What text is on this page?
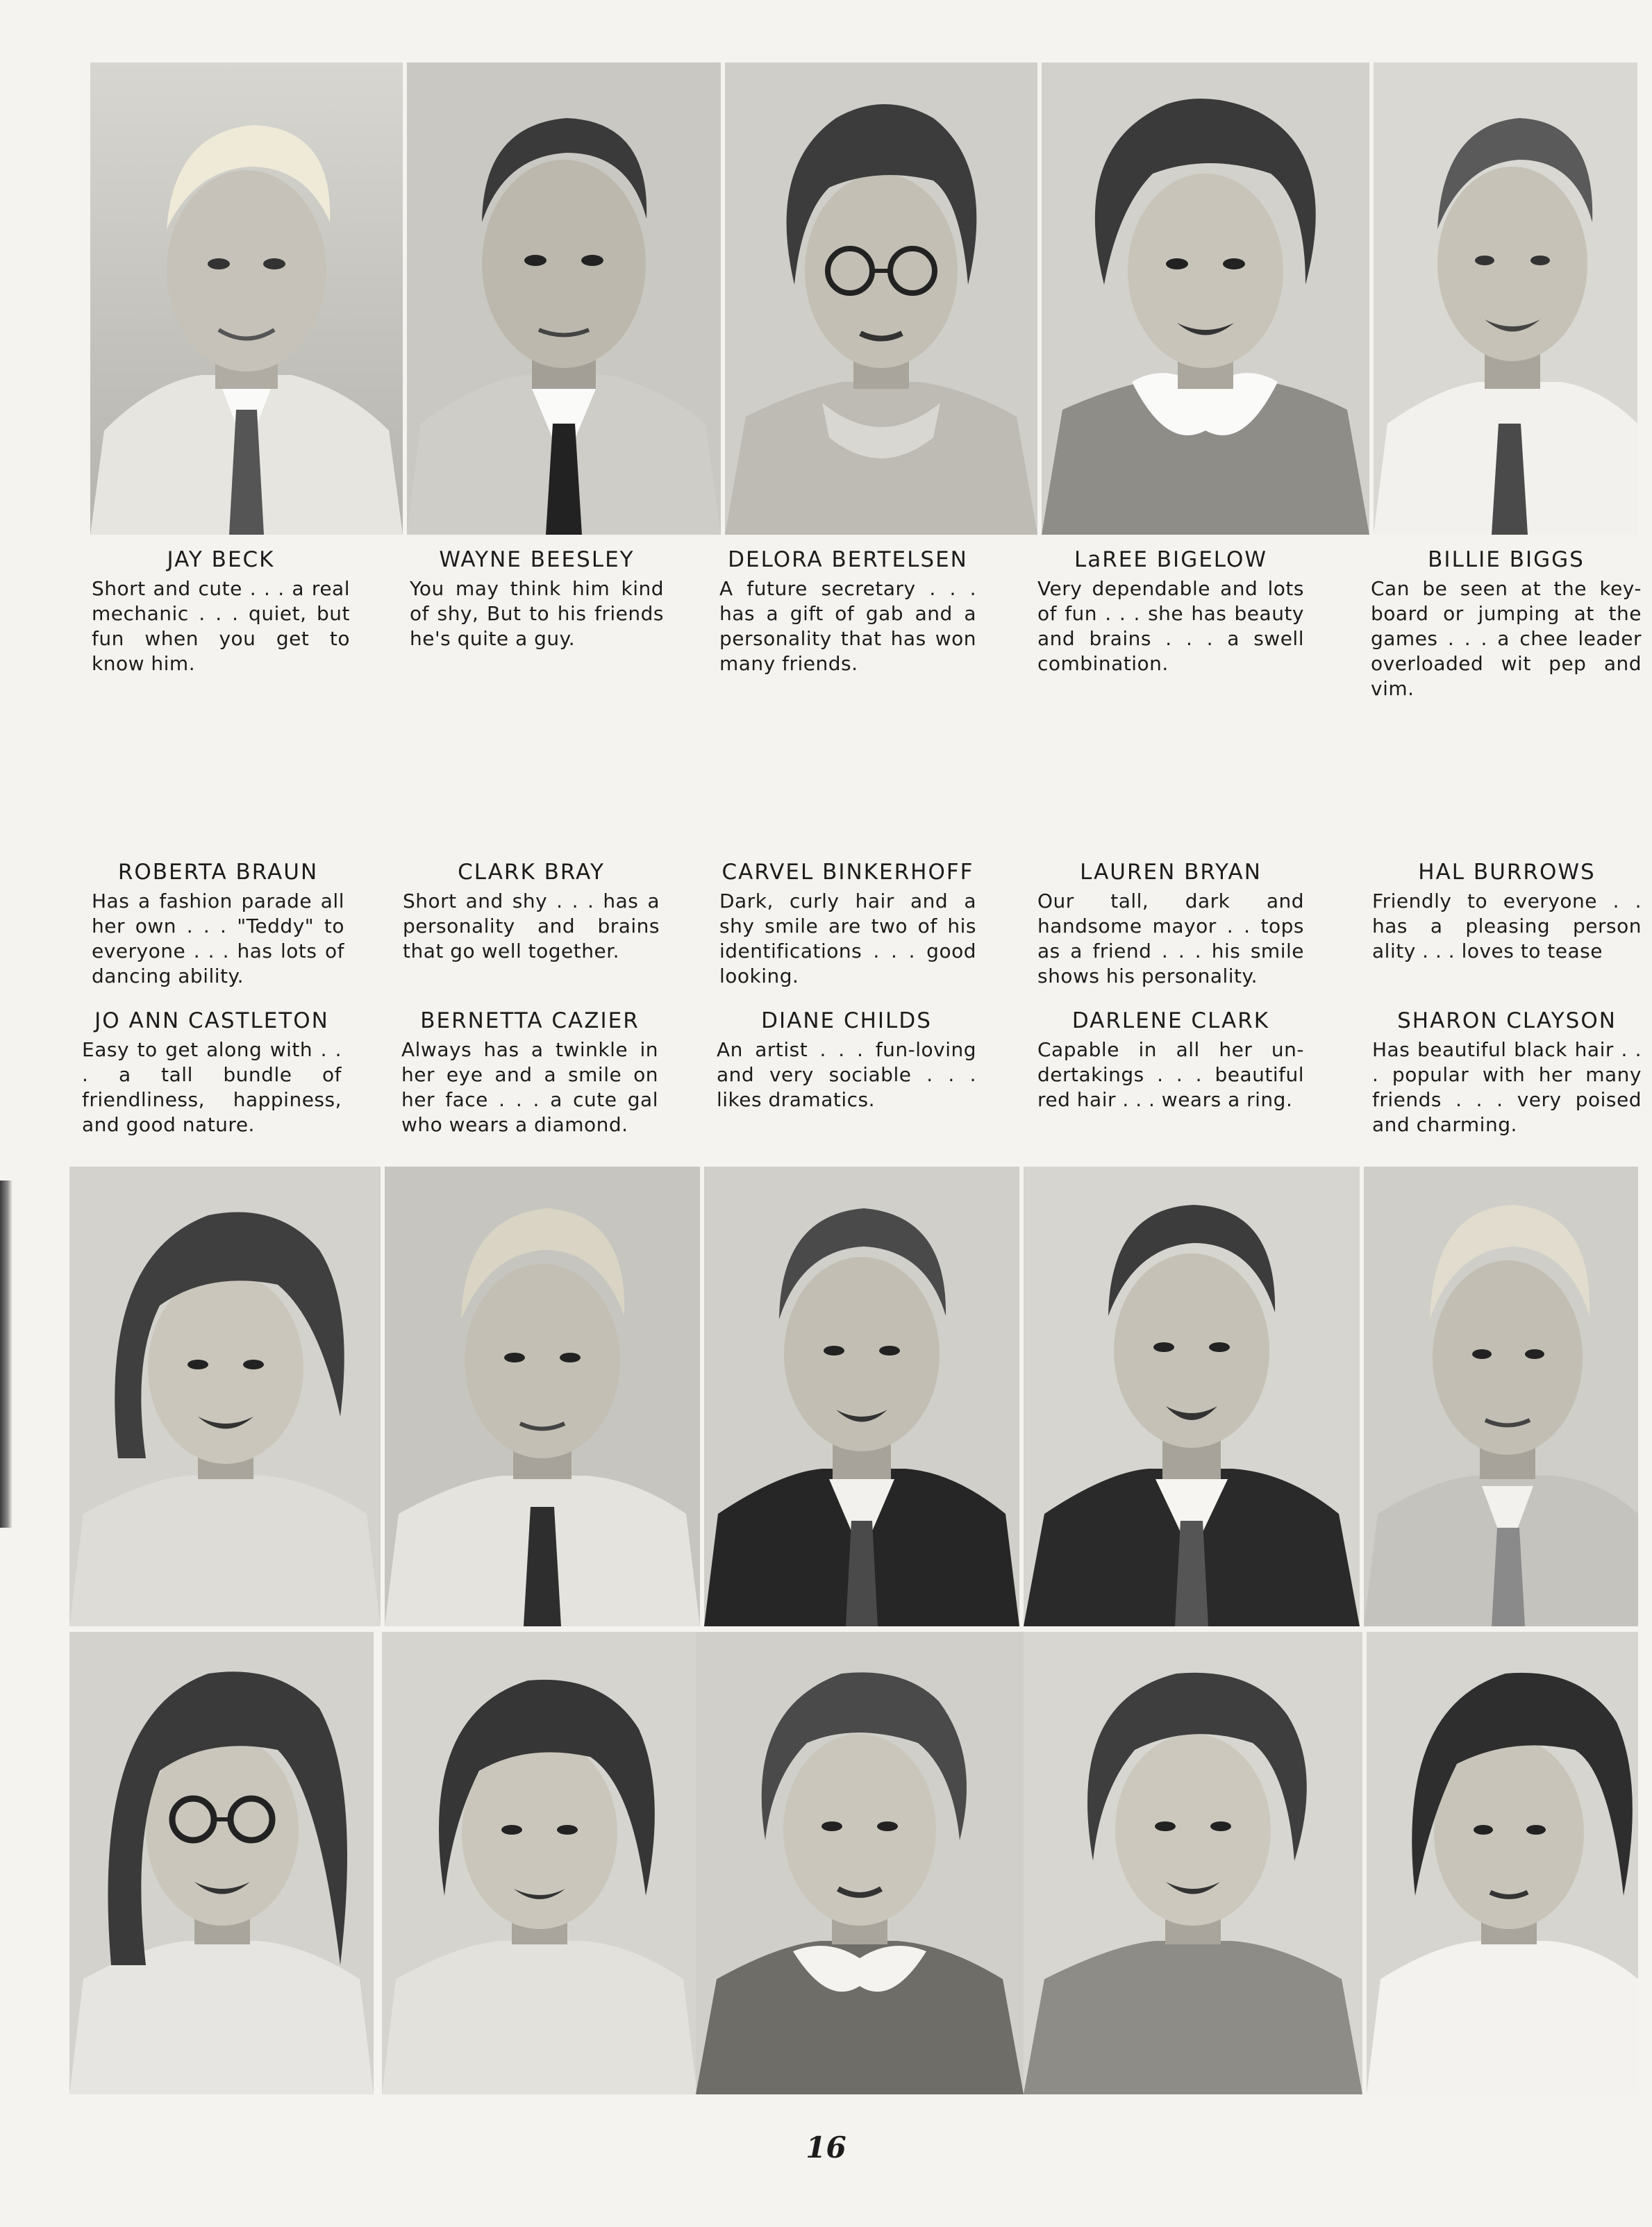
JAY BECK
Short and cute . . . a real mechanic . . . quiet, but fun when you get to know him.
WAYNE BEESLEY
You may think him kind of shy, But to his friends he's quite a guy.
DELORA BERTELSEN
A future secretary . . . has a gift of gab and a personality that has won many friends.
LaREE BIGELOW
Very dependable and lots of fun . . . she has beauty and brains . . . a swell combination.
BILLIE BIGGS
Can be seen at the key-board or jumping at the games . . . a chee leader overloaded wit pep and vim.
ROBERTA BRAUN
Has a fashion parade all her own . . . "Teddy" to everyone . . . has lots of dancing ability.
CLARK BRAY
Short and shy . . . has a personality and brains that go well together.
CARVEL BINKERHOFF
Dark, curly hair and a shy smile are two of his identifications . . . good looking.
LAUREN BRYAN
Our tall, dark and handsome mayor . . tops as a friend . . . his smile shows his personality.
HAL BURROWS
Friendly to everyone . . has a pleasing person ality . . . loves to tease
JO ANN CASTLETON
Easy to get along with . . . a tall bundle of friendliness, happiness, and good nature.
BERNETTA CAZIER
Always has a twinkle in her eye and a smile on her face . . . a cute gal who wears a diamond.
DIANE CHILDS
An artist . . . fun-loving and very sociable . . . likes dramatics.
DARLENE CLARK
Capable in all her un-dertakings . . . beautiful red hair . . . wears a ring.
SHARON CLAYSON
Has beautiful black hair . . . popular with her many friends . . . very poised and charming.
16
